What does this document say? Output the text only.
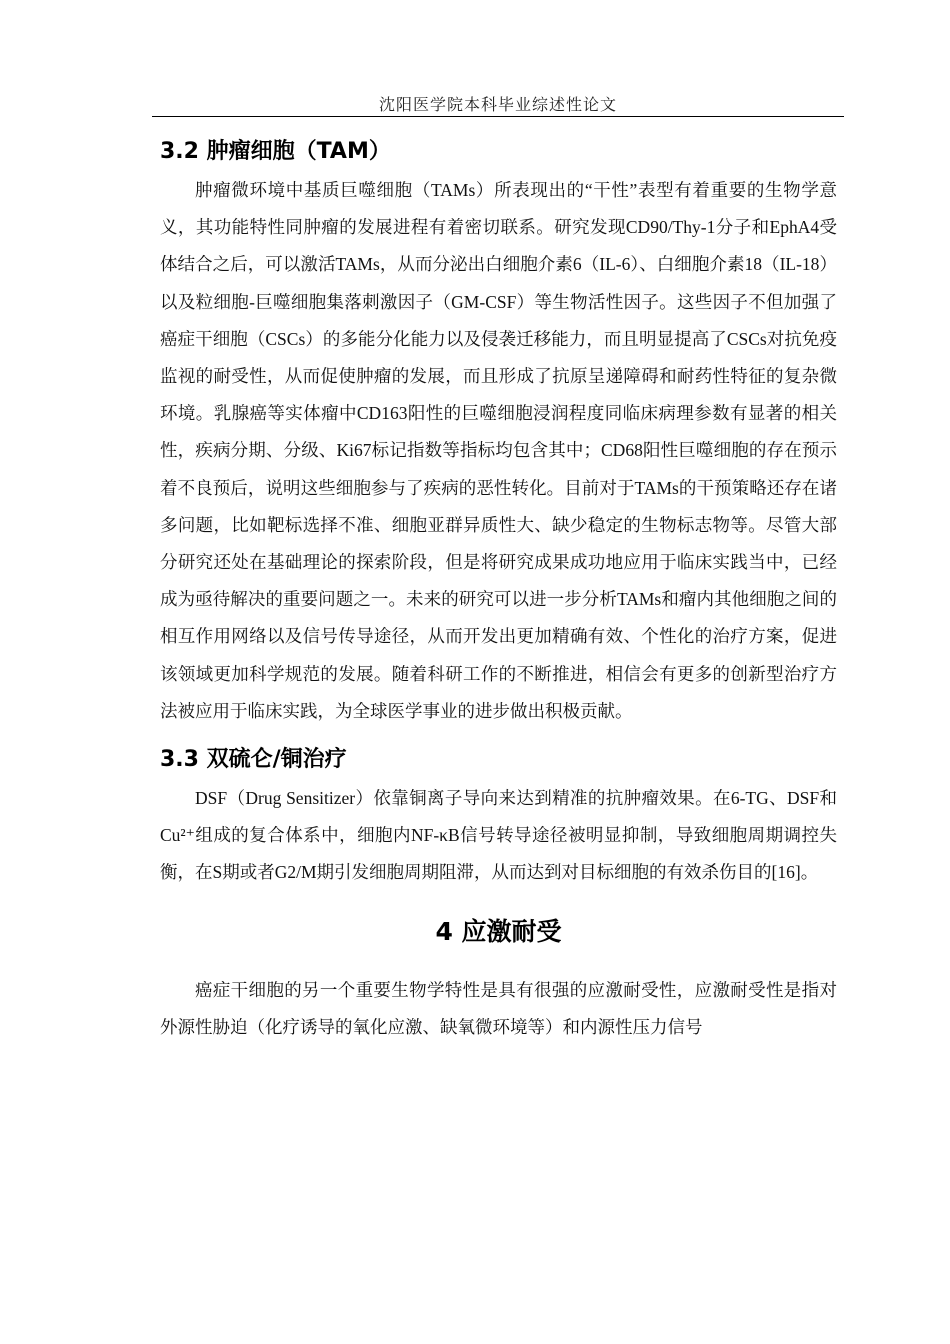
沈阳医学院本科毕业综述性论文
3.2 肿瘤细胞（TAM）

肿瘤微环境中基质巨噬细胞（TAMs）所表现出的“干性”表型有着重要的生物学意义，其功能特性同肿瘤的发展进程有着密切联系。研究发现CD90/Thy-1分子和EphA4受体结合之后，可以激活TAMs，从而分泌出白细胞介素6（IL-6）、白细胞介素18（IL-18）以及粒细胞-巨噬细胞集落刺激因子（GM-CSF）等生物活性因子。这些因子不但加强了癌症干细胞（CSCs）的多能分化能力以及侵袭迁移能力，而且明显提高了CSCs对抗免疫监视的耐受性，从而促使肿瘤的发展，而且形成了抗原呈递障碍和耐药性特征的复杂微环境。乳腺癌等实体瘤中CD163阳性的巨噬细胞浸润程度同临床病理参数有显著的相关性，疾病分期、分级、Ki67标记指数等指标均包含其中；CD68阳性巨噬细胞的存在预示着不良预后，说明这些细胞参与了疾病的恶性转化。目前对于TAMs的干预策略还存在诸多问题，比如靶标选择不准、细胞亚群异质性大、缺少稳定的生物标志物等。尽管大部分研究还处在基础理论的探索阶段，但是将研究成果成功地应用于临床实践当中，已经成为亟待解决的重要问题之一。未来的研究可以进一步分析TAMs和瘤内其他细胞之间的相互作用网络以及信号传导途径，从而开发出更加精确有效、个性化的治疗方案，促进该领域更加科学规范的发展。随着科研工作的不断推进，相信会有更多的创新型治疗方法被应用于临床实践，为全球医学事业的进步做出积极贡献。

3.3 双硫仑/铜治疗

DSF（Drug Sensitizer）依靠铜离子导向来达到精准的抗肿瘤效果。在6-TG、DSF和Cu²⁺组成的复合体系中，细胞内NF-κB信号转导途径被明显抑制，导致细胞周期调控失衡，在S期或者G2/M期引发细胞周期阻滞，从而达到对目标细胞的有效杀伤目的[16]。

4 应激耐受

癌症干细胞的另一个重要生物学特性是具有很强的应激耐受性，应激耐受性是指对外源性胁迫（化疗诱导的氧化应激、缺氧微环境等）和内源性压力信号
